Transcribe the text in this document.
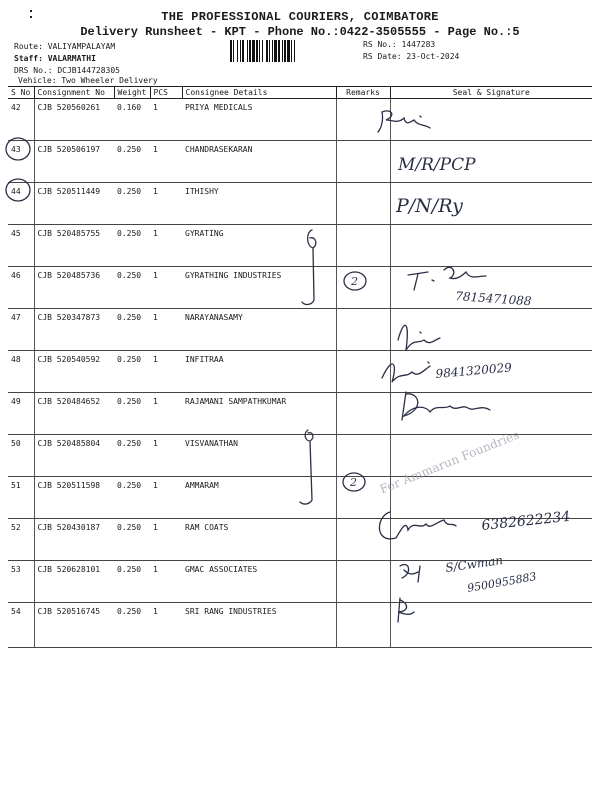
THE PROFESSIONAL COURIERS, COIMBATORE
Delivery Runsheet - KPT - Phone No.:0422-3505555 - Page No.:5
Route: VALIYAMPALAYAM
Staff: VALARMATHI
DRS No.: DCJB144728305
Vehicle: Two Wheeler Delivery
RS No.: 1447283
RS Date: 23-Oct-2024
S No	Consignment No	Weight	PCS	Consignee Details	Remarks	Seal & Signature
42	CJB 520560261	0.160	1	PRIYA MEDICALS		
43	CJB 520506197	0.250	1	CHANDRASEKARAN		
44	CJB 520511449	0.250	1	ITHISHY		
45	CJB 520485755	0.250	1	GYRATING		
46	CJB 520485736	0.250	1	GYRATHING INDUSTRIES		
47	CJB 520347873	0.250	1	NARAYANASAMY		
48	CJB 520540592	0.250	1	INFITRAA		
49	CJB 520484652	0.250	1	RAJAMANI SAMPATHKUMAR		
50	CJB 520485804	0.250	1	VISVANATHAN		
51	CJB 520511598	0.250	1	AMMARAM		
52	CJB 520430187	0.250	1	RAM COATS		
53	CJB 520628101	0.250	1	GMAC ASSOCIATES		
54	CJB 520516745	0.250	1	SRI RANG INDUSTRIES		
2
2
M/R/PCP
P/N/Ry
7815471088
9841320029
6382622234
S/Cwman
9500955883
For Ammarun Foundries
